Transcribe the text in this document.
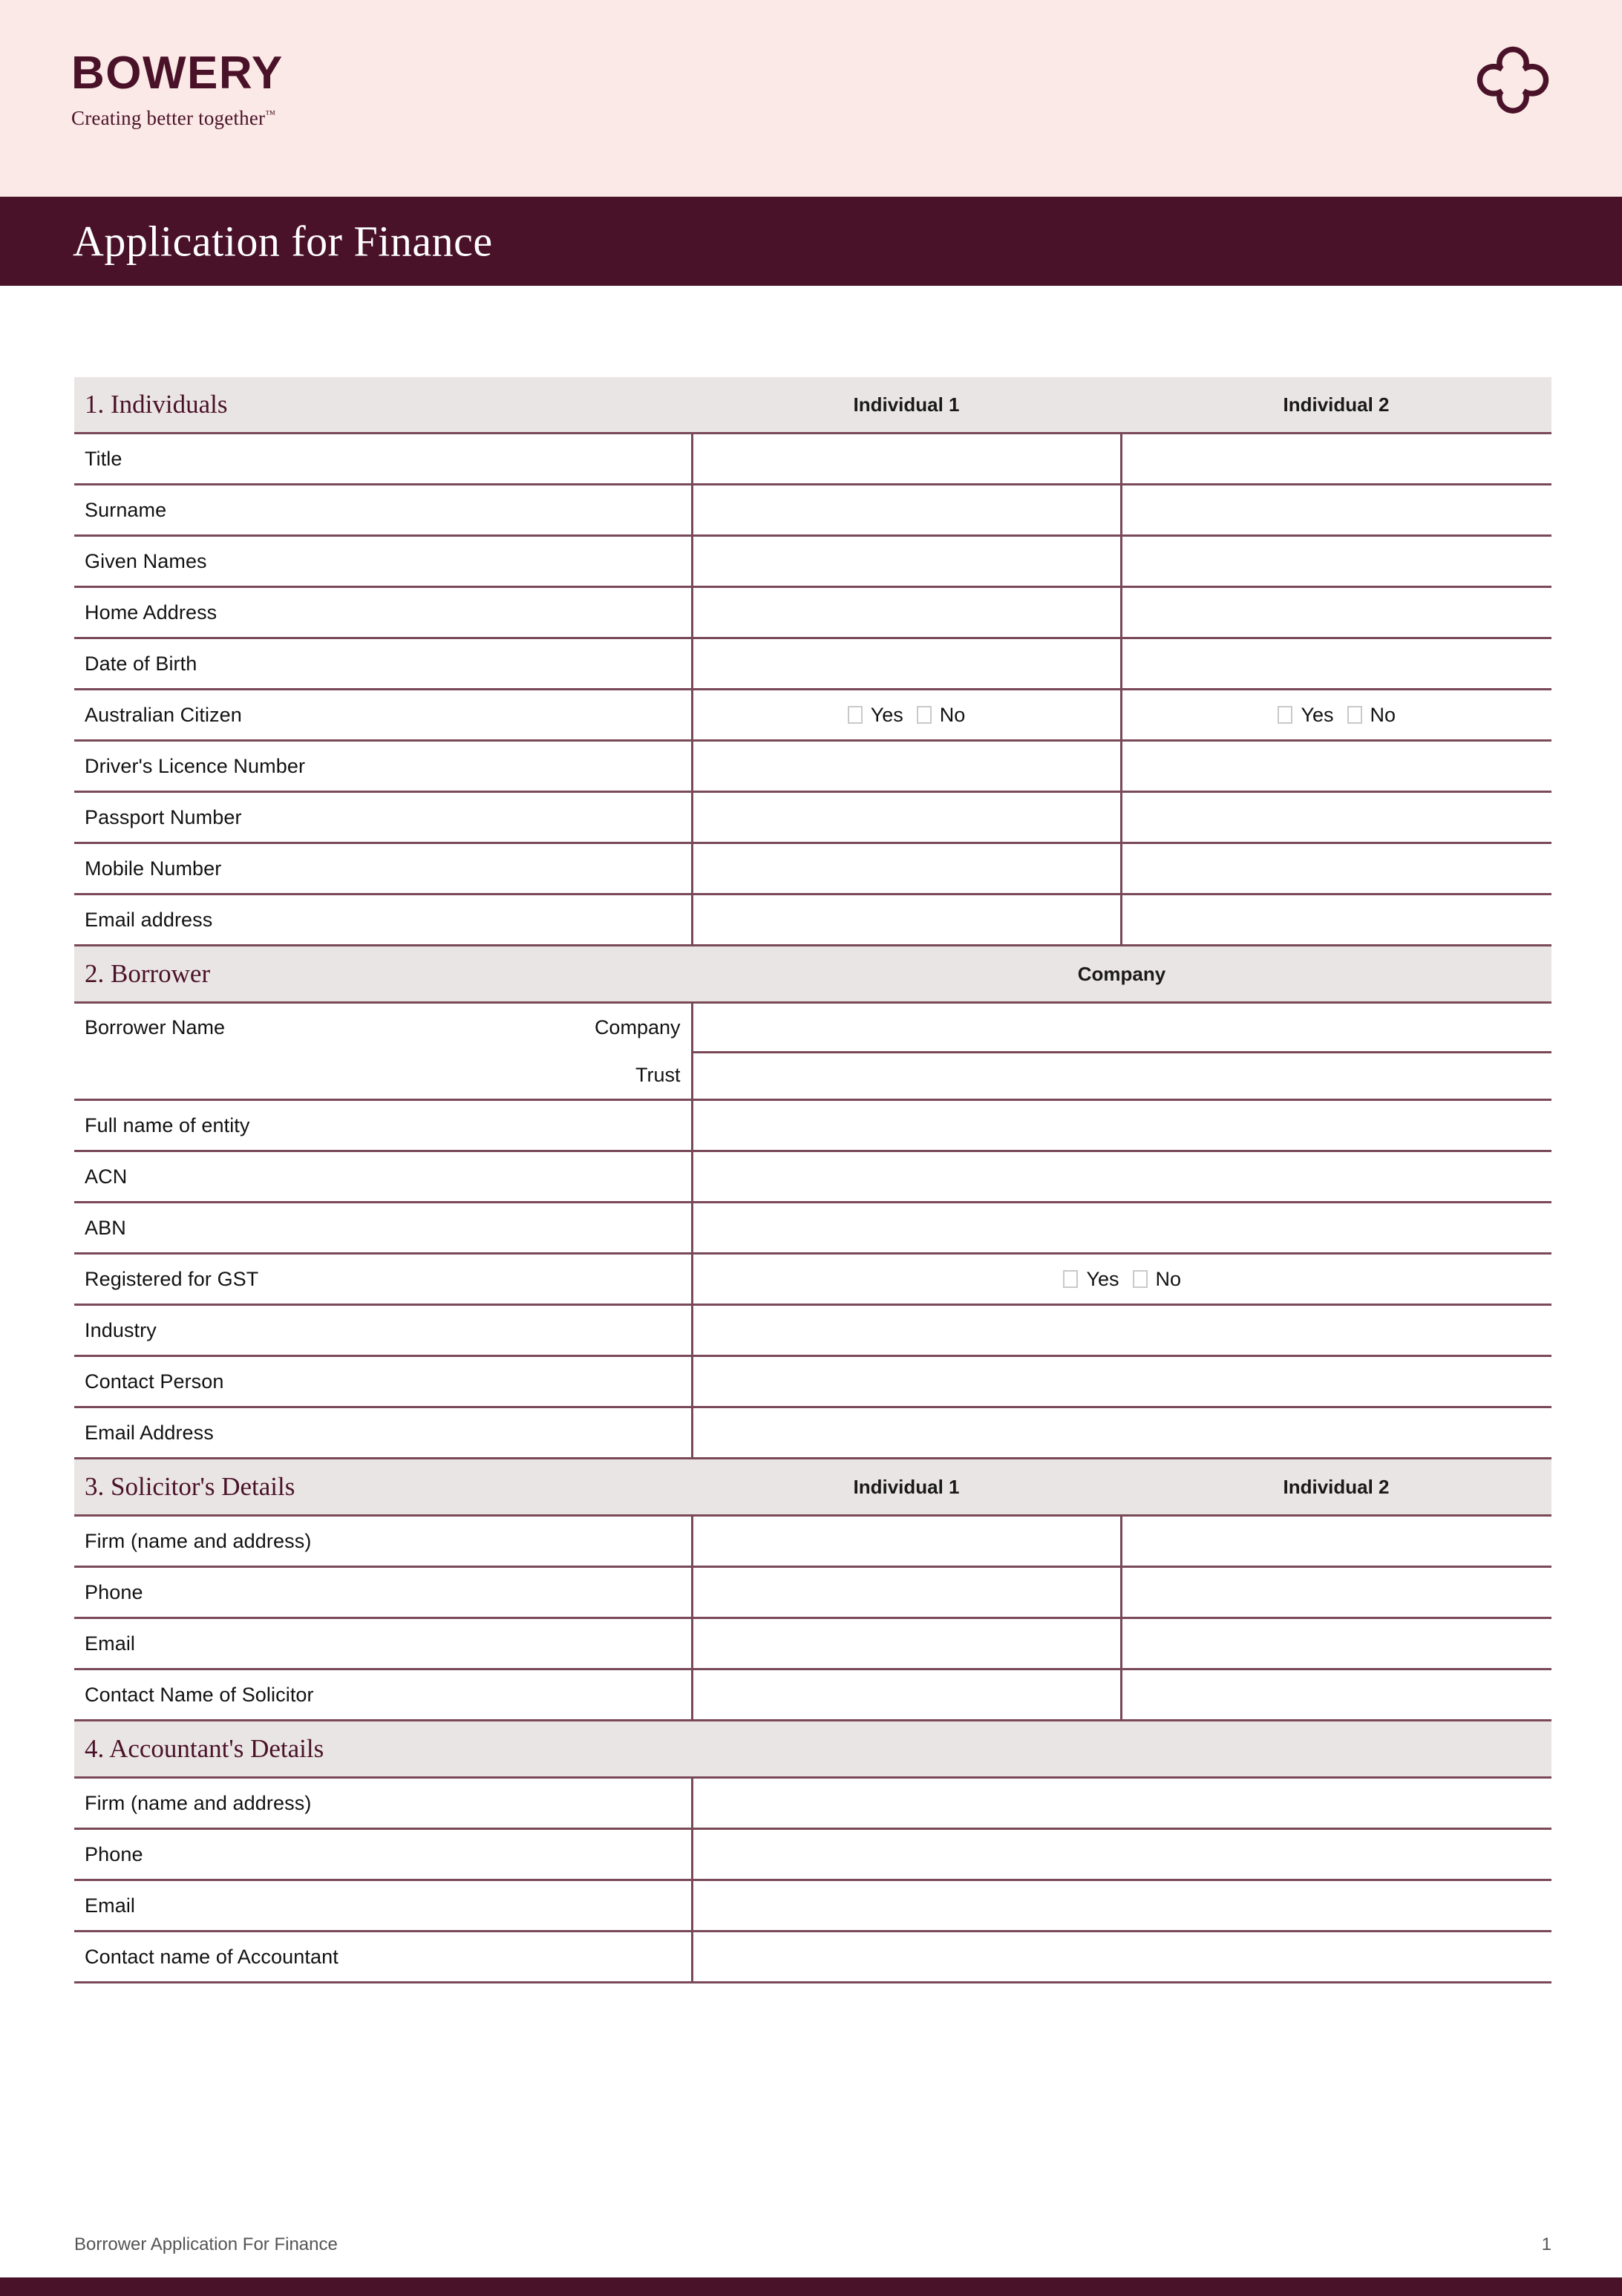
BOWERY
Creating better together™
Application for Finance
1. Individuals	Individual 1	Individual 2
Title		
Surname		
Given Names		
Home Address		
Date of Birth		
Australian Citizen	Yes No	Yes No

Driver's Licence Number		
Passport Number		
Mobile Number		
Email address		
2. Borrower	Company	

Borrower Name Company
Trust		

Full name of entity		
ACN		
ABN		
Registered for GST	Yes No	

Industry		
Contact Person		
Email Address		
3. Solicitor's Details	Individual 1	Individual 2
Firm (name and address)		
Phone		
Email		
Contact Name of Solicitor		
4. Accountant's Details		
Firm (name and address)		
Phone		
Email		
Contact name of Accountant		
Borrower Application For Finance	1
